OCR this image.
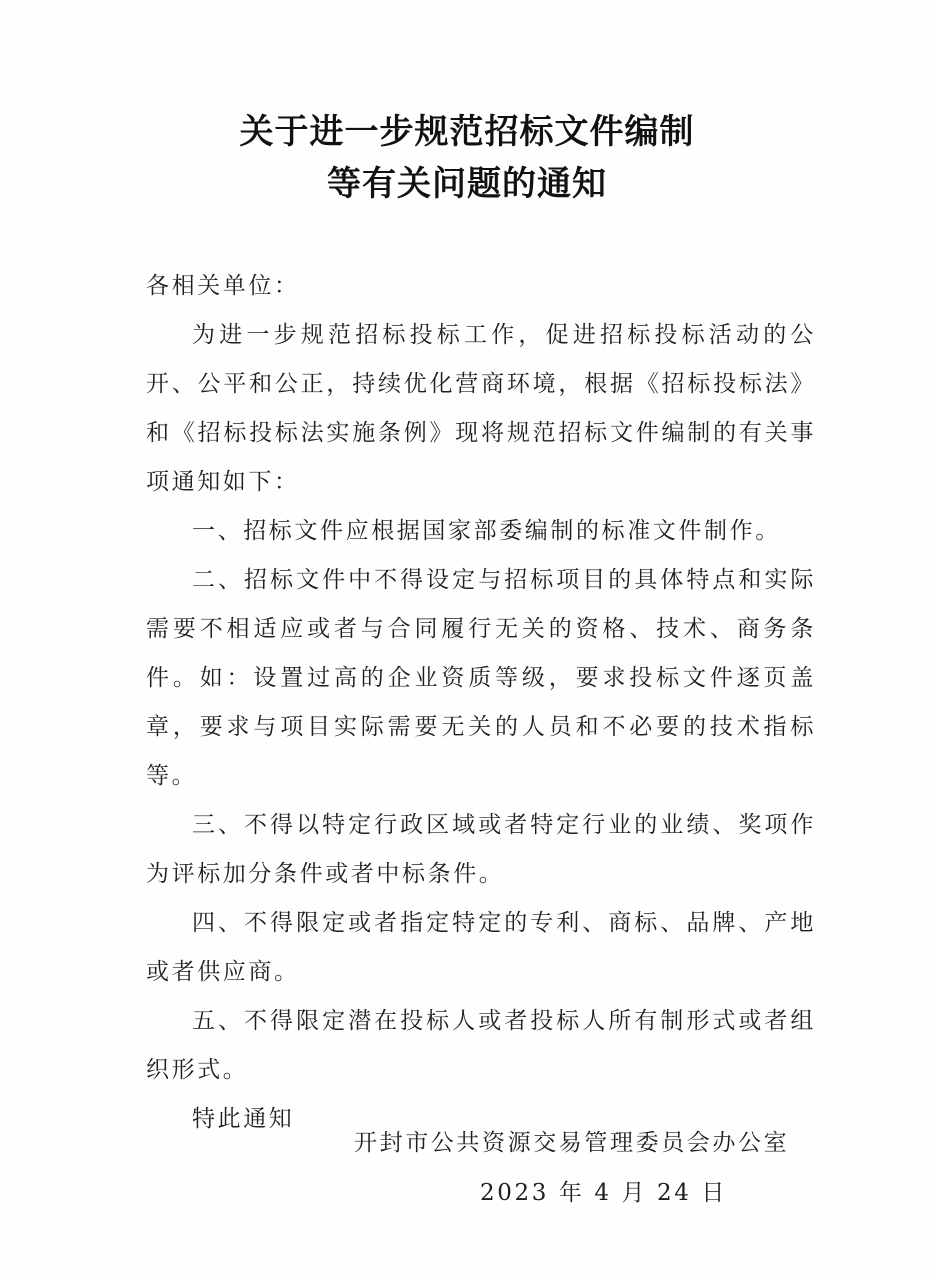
关于进一步规范招标文件编制
等有关问题的通知

各相关单位：

为进一步规范招标投标工作，促进招标投标活动的公开、公平和公正，持续优化营商环境，根据《招标投标法》和《招标投标法实施条例》现将规范招标文件编制的有关事项通知如下：

一、招标文件应根据国家部委编制的标准文件制作。

二、招标文件中不得设定与招标项目的具体特点和实际需要不相适应或者与合同履行无关的资格、技术、商务条件。如：设置过高的企业资质等级，要求投标文件逐页盖章，要求与项目实际需要无关的人员和不必要的技术指标等。

三、不得以特定行政区域或者特定行业的业绩、奖项作为评标加分条件或者中标条件。

四、不得限定或者指定特定的专利、商标、品牌、产地或者供应商。

五、不得限定潜在投标人或者投标人所有制形式或者组织形式。

特此通知

开封市公共资源交易管理委员会办公室
2023 年 4 月 24 日
